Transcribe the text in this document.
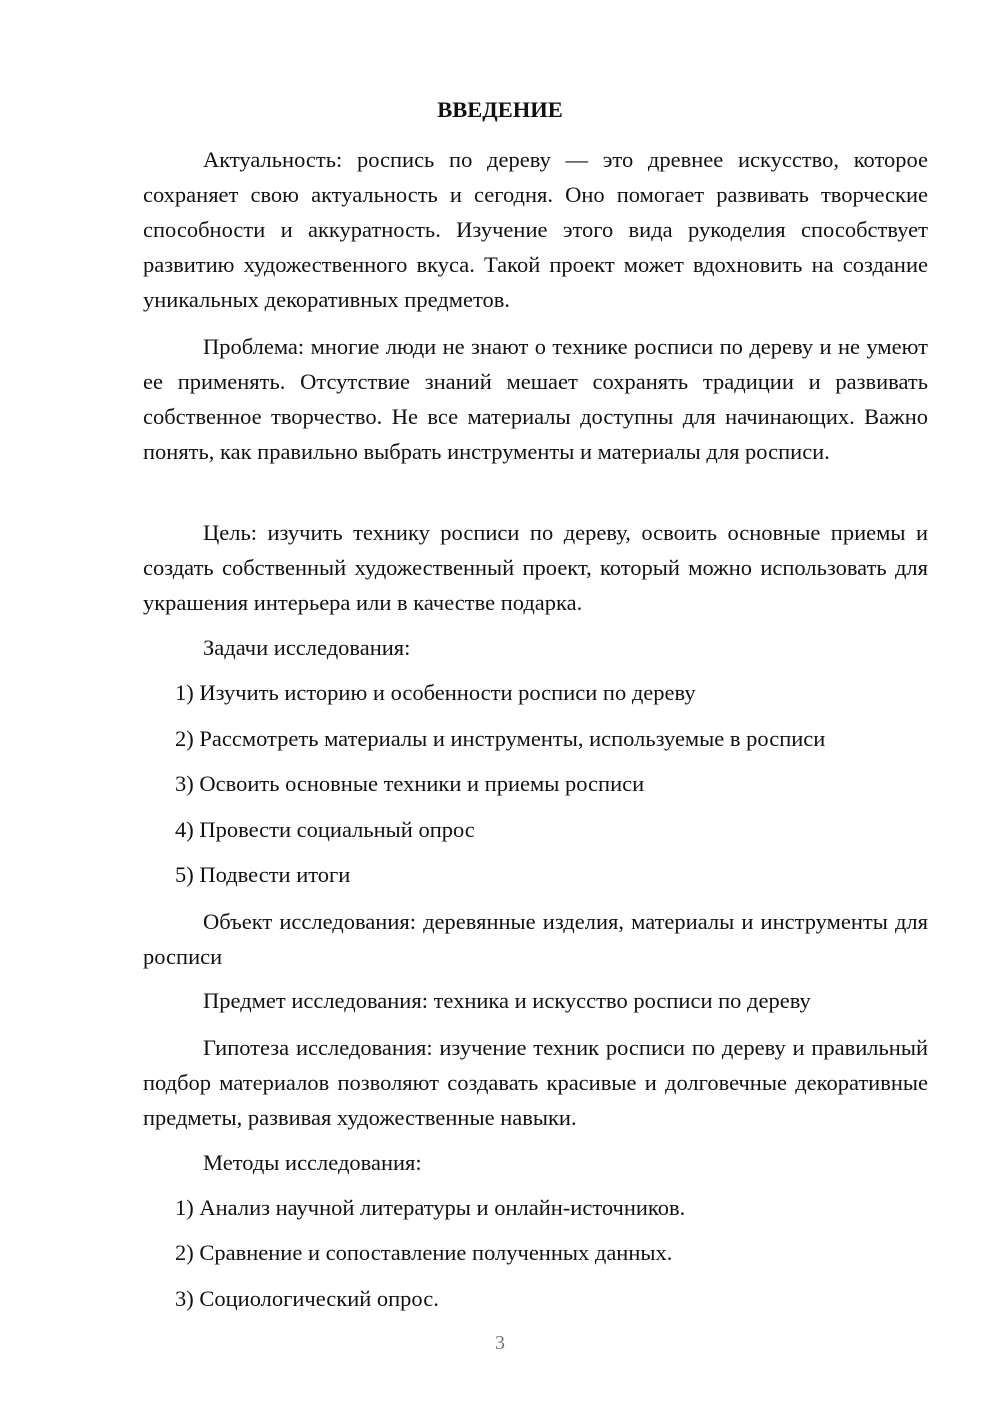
ВВЕДЕНИЕ

Актуальность: роспись по дереву — это древнее искусство, которое сохраняет свою актуальность и сегодня. Оно помогает развивать творческие способности и аккуратность. Изучение этого вида рукоделия способствует развитию художественного вкуса. Такой проект может вдохновить на создание уникальных декоративных предметов.

Проблема: многие люди не знают о технике росписи по дереву и не умеют ее применять. Отсутствие знаний мешает сохранять традиции и развивать собственное творчество. Не все материалы доступны для начинающих. Важно понять, как правильно выбрать инструменты и материалы для росписи.

Цель: изучить технику росписи по дереву, освоить основные приемы и создать собственный художественный проект, который можно использовать для украшения интерьера или в качестве подарка.

Задачи исследования:

1) Изучить историю и особенности росписи по дереву

2) Рассмотреть материалы и инструменты, используемые в росписи

3) Освоить основные техники и приемы росписи

4) Провести социальный опрос

5) Подвести итоги

Объект исследования: деревянные изделия, материалы и инструменты для росписи

Предмет исследования: техника и искусство росписи по дереву

Гипотеза исследования: изучение техник росписи по дереву и правильный подбор материалов позволяют создавать красивые и долговечные декоративные предметы, развивая художественные навыки.

Методы исследования:

1) Анализ научной литературы и онлайн-источников.

2) Сравнение и сопоставление полученных данных.

3) Социологический опрос.

3
